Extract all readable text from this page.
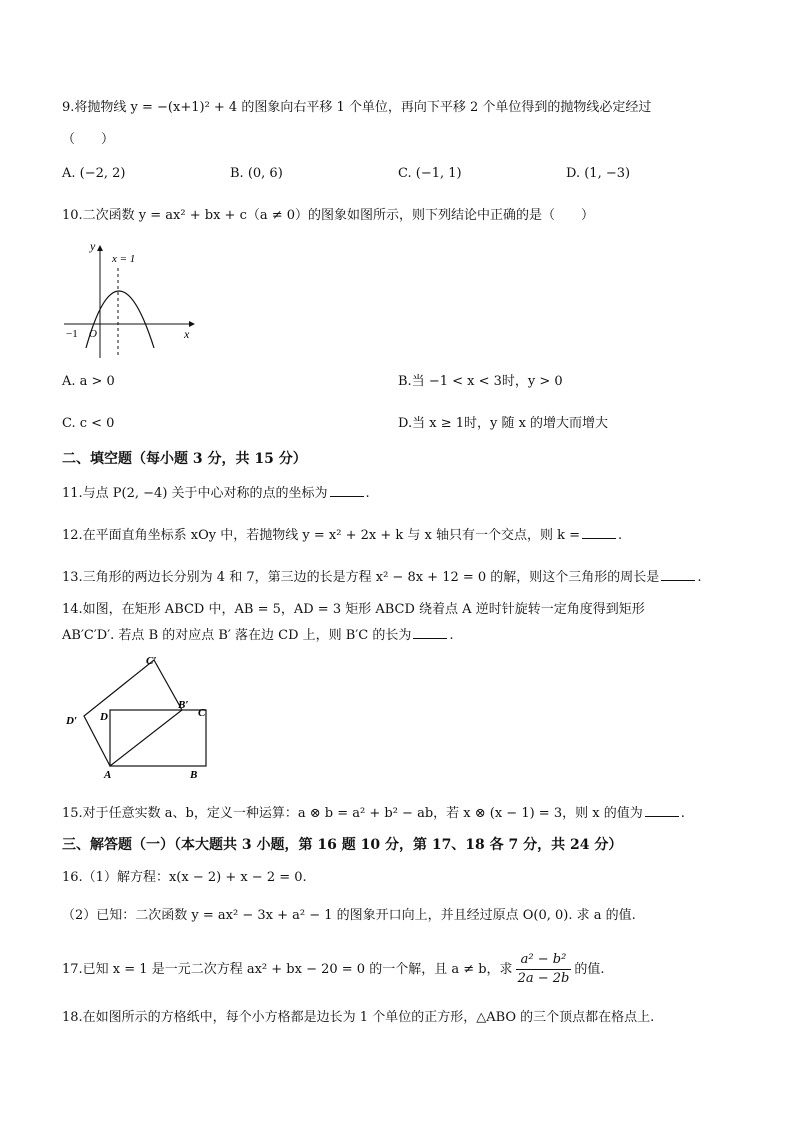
9.将抛物线 y = −(x+1)² + 4 的图象向右平移 1 个单位，再向下平移 2 个单位得到的抛物线必定经过
（　　）
A. (−2, 2)	B. (0, 6)	C. (−1, 1)	D. (1, −3)
10.二次函数 y = ax² + bx + c（a ≠ 0）的图象如图所示，则下列结论中正确的是（　　）
y
x
x = 1
−1 O
A. a > 0	B.当 −1 < x < 3时，y > 0
C. c < 0	D.当 x ≥ 1时，y 随 x 的增大而增大
二、填空题（每小题 3 分，共 15 分）
11.与点 P(2, −4) 关于中心对称的点的坐标为	.
12.在平面直角坐标系 xOy 中，若抛物线 y = x² + 2x + k 与 x 轴只有一个交点，则 k =	.
13.三角形的两边长分别为 4 和 7，第三边的长是方程 x² − 8x + 12 = 0 的解，则这个三角形的周长是	.
14.如图，在矩形 ABCD 中，AB = 5，AD = 3 矩形 ABCD 绕着点 A 逆时针旋转一定角度得到矩形
AB′C′D′. 若点 B 的对应点 B′ 落在边 CD 上，则 B′C 的长为	.
A	B
C
D
B′
C′
D′
15.对于任意实数 a、b，定义一种运算：a ⊗ b = a² + b² − ab，若 x ⊗ (x − 1) = 3，则 x 的值为	.
三、解答题（一）（本大题共 3 小题，第 16 题 10 分，第 17、18 各 7 分，共 24 分）
16.（1）解方程：x(x − 2) + x − 2 = 0.
（2）已知：二次函数 y = ax² − 3x + a² − 1 的图象开口向上，并且经过原点 O(0, 0). 求 a 的值.
17.已知 x = 1 是一元二次方程 ax² + bx − 20 = 0 的一个解，且 a ≠ b，求 $\frac{\text{a² − b²}}{2a - 2b}$ 的值.
18.在如图所示的方格纸中，每个小方格都是边长为 1 个单位的正方形，△ABO 的三个顶点都在格点上.
